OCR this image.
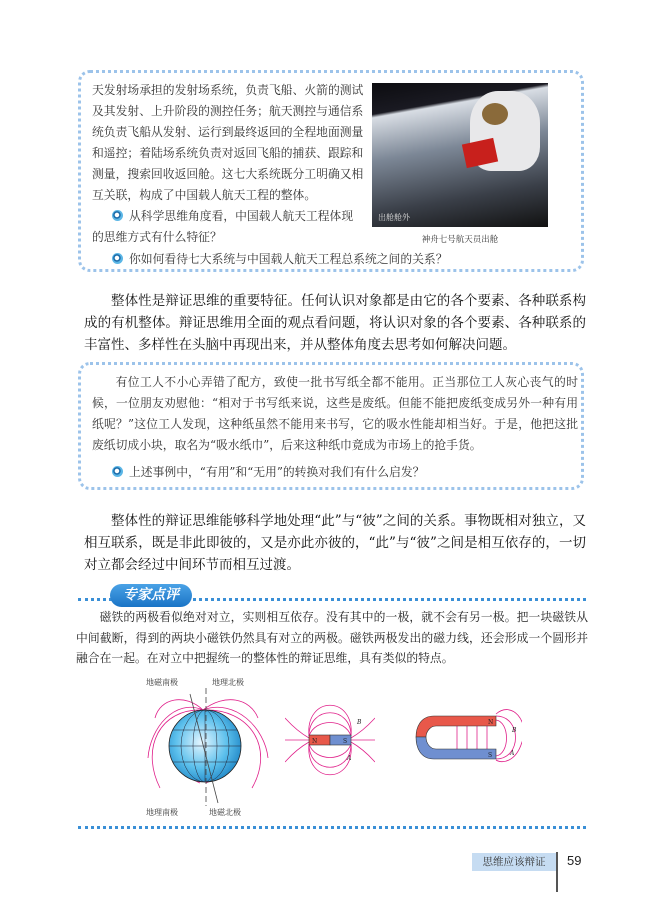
天发射场承担的发射场系统，负责飞船、火箭的测试
及其发射、上升阶段的测控任务；航天测控与通信系
统负责飞船从发射、运行到最终返回的全程地面测量
和遥控；着陆场系统负责对返回飞船的捕获、跟踪和
测量，搜索回收返回舱。这七大系统既分工明确又相
互关联，构成了中国载人航天工程的整体。
从科学思维角度看，中国载人航天工程体现
的思维方式有什么特征？
你如何看待七大系统与中国载人航天工程总系统之间的关系？
出舱舱外
神舟七号航天员出舱
整体性是辩证思维的重要特征。任何认识对象都是由它的各个要素、各种联系构成的有机整体。辩证思维用全面的观点看问题，将认识对象的各个要素、各种联系的丰富性、多样性在头脑中再现出来，并从整体角度去思考如何解决问题。

有位工人不小心弄错了配方，致使一批书写纸全都不能用。正当那位工人灰心丧气的时候，一位朋友劝慰他：“相对于书写纸来说，这些是废纸。但能不能把废纸变成另外一种有用纸呢？”这位工人发现，这种纸虽然不能用来书写，它的吸水性能却相当好。于是，他把这批废纸切成小块，取名为“吸水纸巾”，后来这种纸巾竟成为市场上的抢手货。

上述事例中，“有用”和“无用”的转换对我们有什么启发？
整体性的辩证思维能够科学地处理“此”与“彼”之间的关系。事物既相对独立，又相互联系，既是非此即彼的，又是亦此亦彼的，“此”与“彼”之间是相互依存的，一切对立都会经过中间环节而相互过渡。
专家点评
磁铁的两极看似绝对对立，实则相互依存。没有其中的一极，就不会有另一极。把一块磁铁从中间截断，得到的两块小磁铁仍然具有对立的两极。磁铁两极发出的磁力线，还会形成一个圆形并融合在一起。在对立中把握统一的整体性的辩证思维，具有类似的特点。
地磁南极	地理北极
地理南极	地磁北极
N	S
B
A
N
S
B
A
思维应该辩证	59
